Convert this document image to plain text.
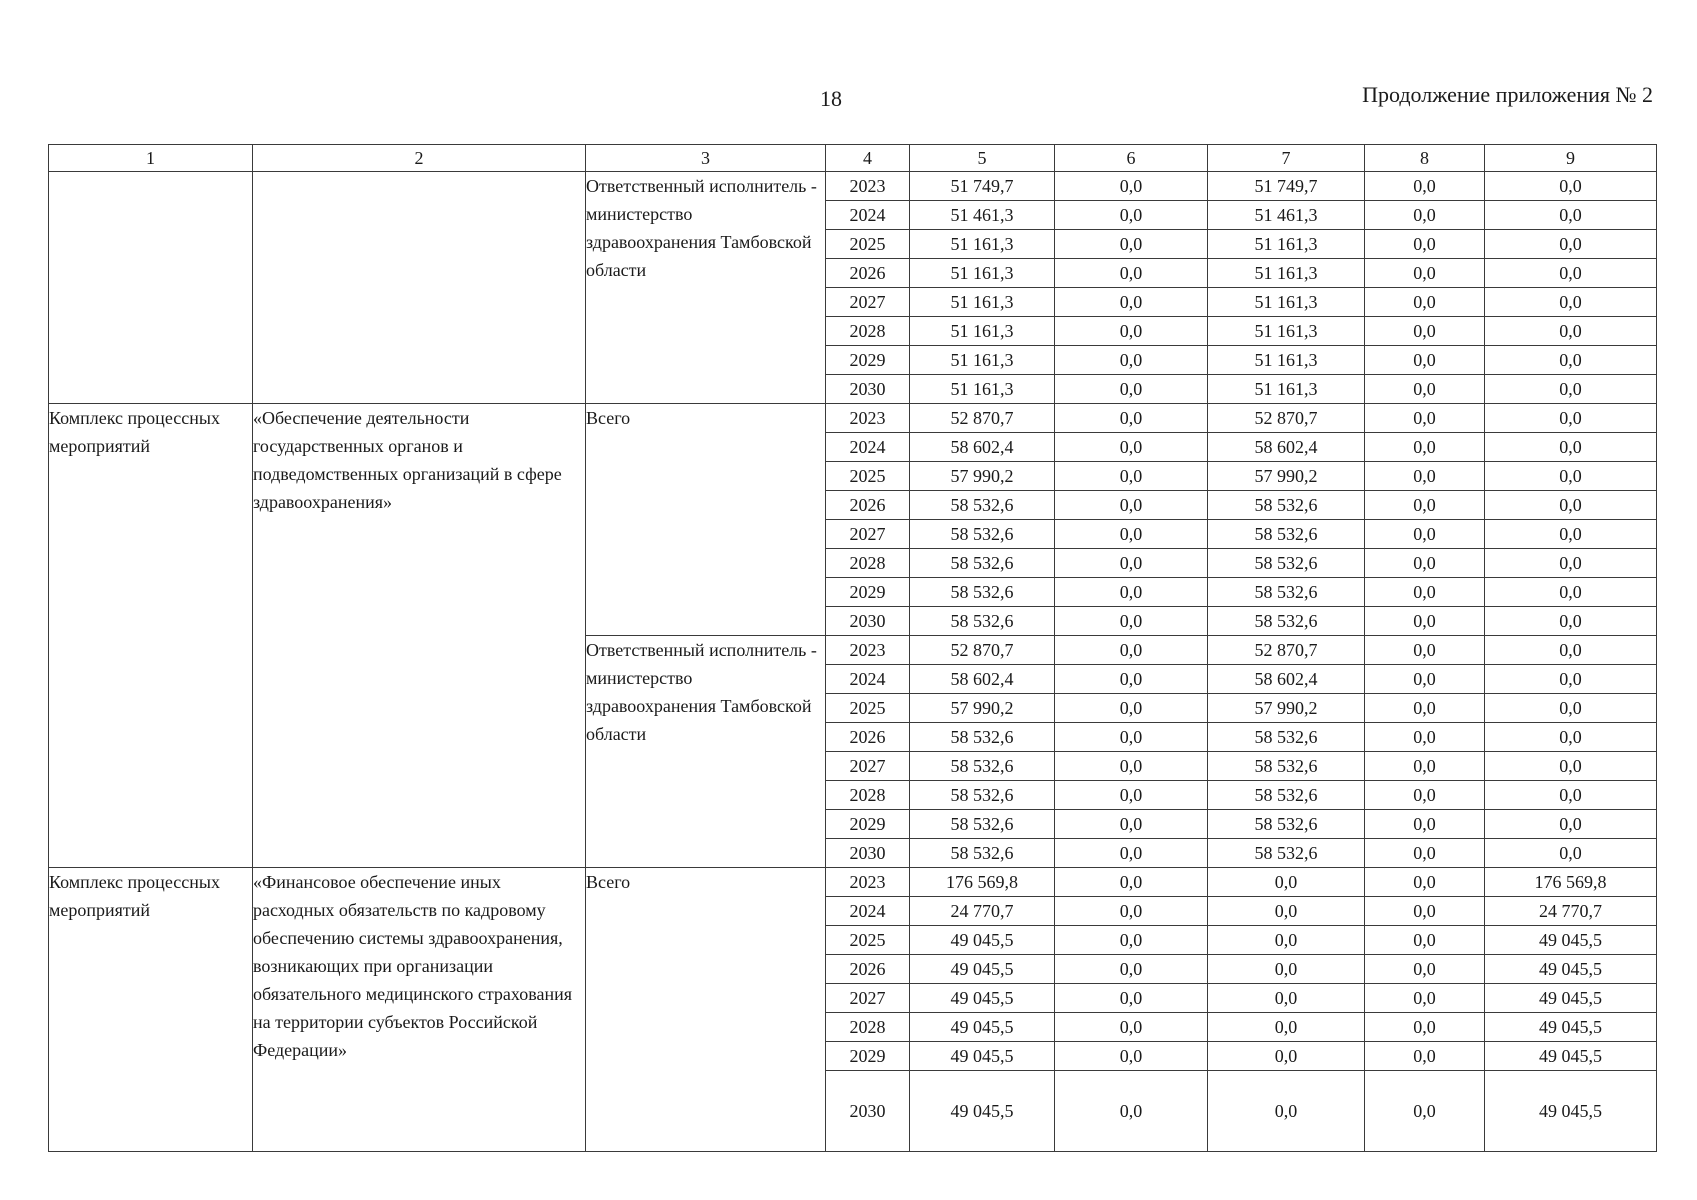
18	Продолжение приложения № 2
1	2	3	4	5	6	7	8	9
		Ответственный исполнитель - министерство здравоохранения Тамбовской области	2023	51 749,7	0,0	51 749,7	0,0	0,0
			2024	51 461,3	0,0	51 461,3	0,0	0,0
			2025	51 161,3	0,0	51 161,3	0,0	0,0
			2026	51 161,3	0,0	51 161,3	0,0	0,0
			2027	51 161,3	0,0	51 161,3	0,0	0,0
			2028	51 161,3	0,0	51 161,3	0,0	0,0
			2029	51 161,3	0,0	51 161,3	0,0	0,0
			2030	51 161,3	0,0	51 161,3	0,0	0,0
Комплекс процессных мероприятий	«Обеспечение деятельности государственных органов и подведомственных организаций в сфере здравоохранения»	Всего	2023	52 870,7	0,0	52 870,7	0,0	0,0
			2024	58 602,4	0,0	58 602,4	0,0	0,0
			2025	57 990,2	0,0	57 990,2	0,0	0,0
			2026	58 532,6	0,0	58 532,6	0,0	0,0
			2027	58 532,6	0,0	58 532,6	0,0	0,0
			2028	58 532,6	0,0	58 532,6	0,0	0,0
			2029	58 532,6	0,0	58 532,6	0,0	0,0
			2030	58 532,6	0,0	58 532,6	0,0	0,0
		Ответственный исполнитель - министерство здравоохранения Тамбовской области	2023	52 870,7	0,0	52 870,7	0,0	0,0
			2024	58 602,4	0,0	58 602,4	0,0	0,0
			2025	57 990,2	0,0	57 990,2	0,0	0,0
			2026	58 532,6	0,0	58 532,6	0,0	0,0
			2027	58 532,6	0,0	58 532,6	0,0	0,0
			2028	58 532,6	0,0	58 532,6	0,0	0,0
			2029	58 532,6	0,0	58 532,6	0,0	0,0
			2030	58 532,6	0,0	58 532,6	0,0	0,0
Комплекс процессных мероприятий	«Финансовое обеспечение иных расходных обязательств по кадровому обеспечению системы здравоохранения, возникающих при организации обязательного медицинского страхования на территории субъектов Российской Федерации»	Всего	2023	176 569,8	0,0	0,0	0,0	176 569,8
			2024	24 770,7	0,0	0,0	0,0	24 770,7
			2025	49 045,5	0,0	0,0	0,0	49 045,5
			2026	49 045,5	0,0	0,0	0,0	49 045,5
			2027	49 045,5	0,0	0,0	0,0	49 045,5
			2028	49 045,5	0,0	0,0	0,0	49 045,5
			2029	49 045,5	0,0	0,0	0,0	49 045,5
			2030	49 045,5	0,0	0,0	0,0	49 045,5
